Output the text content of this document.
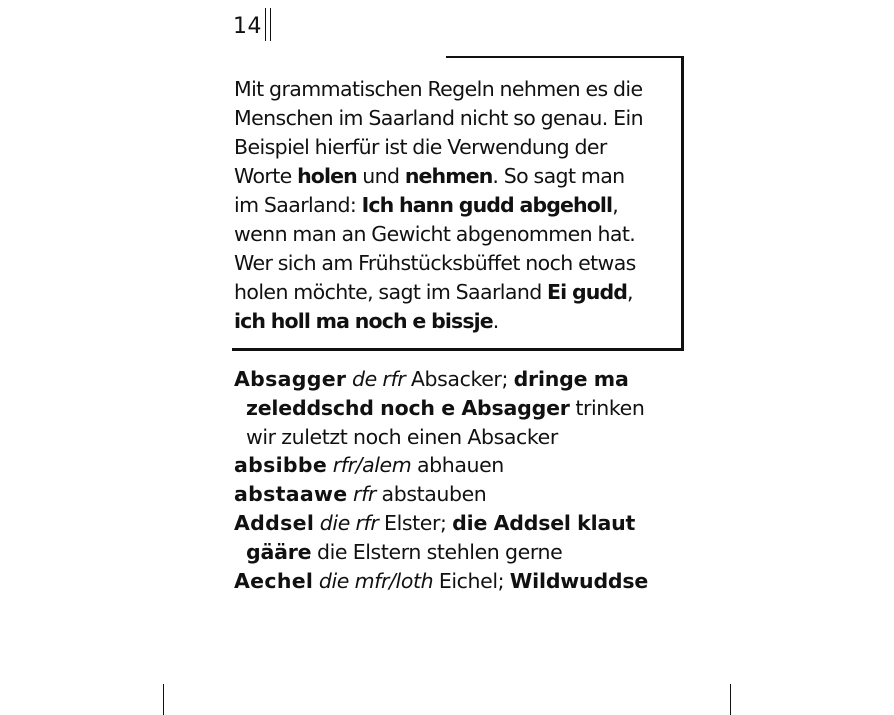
14
Mit grammatischen Regeln nehmen es die
Menschen im Saarland nicht so genau. Ein
Beispiel hierfür ist die Verwendung der
Worte holen und nehmen. So sagt man
im Saarland: Ich hann gudd abgeholl,
wenn man an Gewicht abgenommen hat.
Wer sich am Frühstücksbüffet noch etwas
holen möchte, sagt im Saarland Ei gudd,
ich holl ma noch e bissje.
Absagger de rfr Absacker; dringe ma
zeleddschd noch e Absagger trinken
wir zuletzt noch einen Absacker
absibbe rfr/alem abhauen
abstaawe rfr abstauben
Addsel die rfr Elster; die Addsel klaut
gääre die Elstern stehlen gerne
Aechel die mfr/loth Eichel; Wildwuddse
